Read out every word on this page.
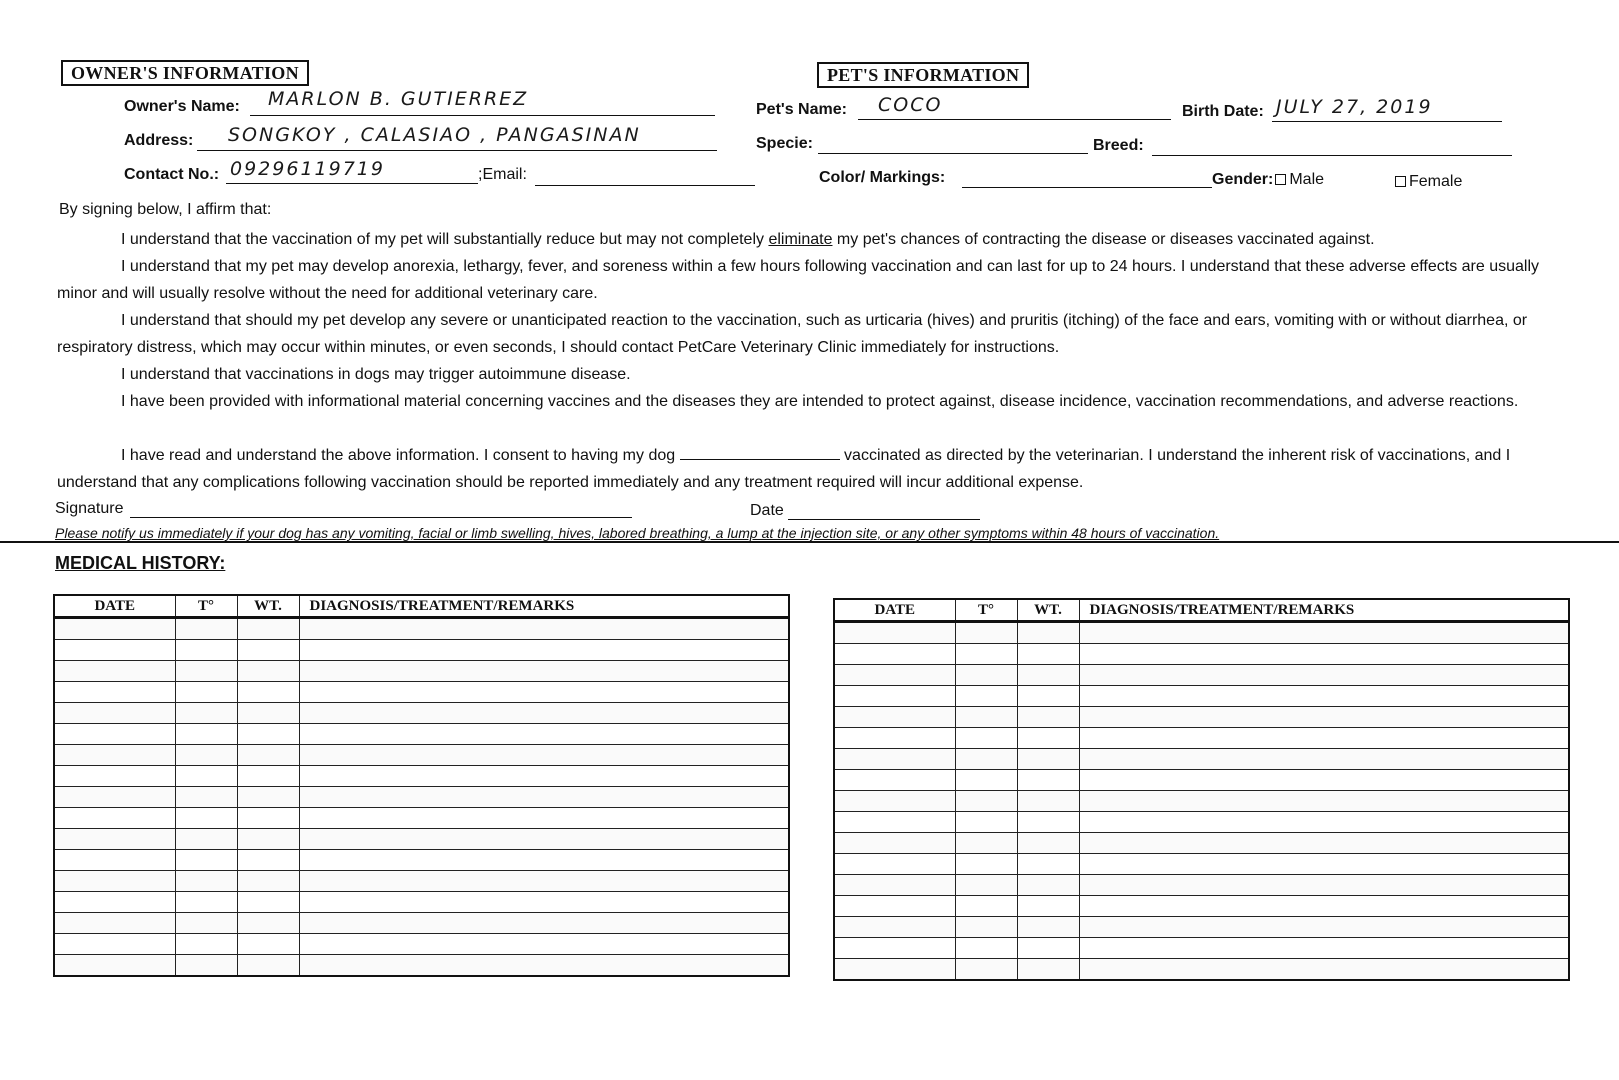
OWNER'S INFORMATION
Owner's Name: MARLON B. GUTIERREZ
Address: SONGKOY , CALASIAO , PANGASINAN
Contact No.: 09296119719	;Email:
PET'S INFORMATION
Pet's Name: COCO	Birth Date: JULY 27, 2019
Specie:	Breed:
Color/ Markings:	Gender: Male	Female
By signing below, I affirm that:
I understand that the vaccination of my pet will substantially reduce but may not completely eliminate my pet's chances of contracting the disease or diseases vaccinated against.
I understand that my pet may develop anorexia, lethargy, fever, and soreness within a few hours following vaccination and can last for up to 24 hours. I understand that these adverse effects are usually minor and will usually resolve without the need for additional veterinary care.
I understand that should my pet develop any severe or unanticipated reaction to the vaccination, such as urticaria (hives) and pruritis (itching) of the face and ears, vomiting with or without diarrhea, or respiratory distress, which may occur within minutes, or even seconds, I should contact PetCare Veterinary Clinic immediately for instructions.
I understand that vaccinations in dogs may trigger autoimmune disease.
I have been provided with informational material concerning vaccines and the diseases they are intended to protect against, disease incidence, vaccination recommendations, and adverse reactions.
I have read and understand the above information. I consent to having my dog	vaccinated as directed by the veterinarian. I understand the inherent risk of vaccinations, and I understand that any complications following vaccination should be reported immediately and any treatment required will incur additional expense.
Signature	Date
Please notify us immediately if your dog has any vomiting, facial or limb swelling, hives, labored breathing, a lump at the injection site, or any other symptoms within 48 hours of vaccination.
MEDICAL HISTORY:
DATE	T°	WT.	DIAGNOSIS/TREATMENT/REMARKS

				DATE	T°	WT.	DIAGNOSIS/TREATMENT/REMARKS
